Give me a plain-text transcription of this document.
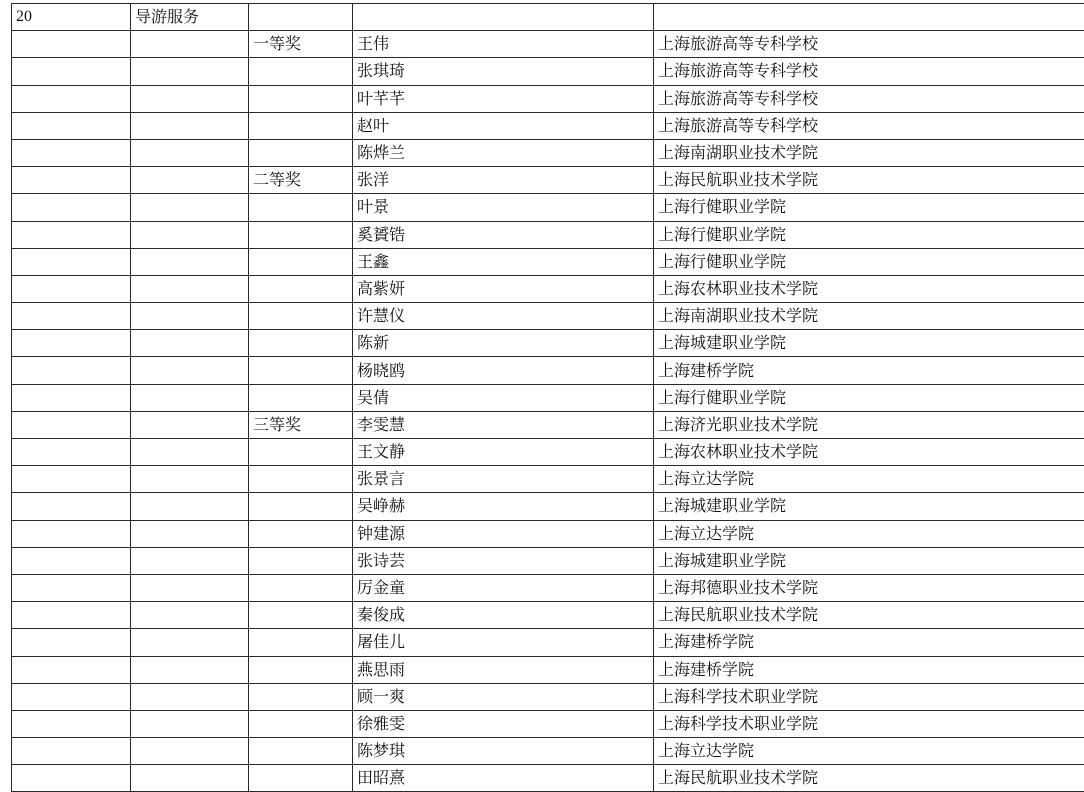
20	导游服务				
		一等奖	王伟	上海旅游高等专科学校	
			张琪琦	上海旅游高等专科学校	
			叶芊芊	上海旅游高等专科学校	
			赵叶	上海旅游高等专科学校	
			陈烨兰	上海南湖职业技术学院	
		二等奖	张洋	上海民航职业技术学院	
			叶景	上海行健职业学院	
			奚贇锆	上海行健职业学院	
			王鑫	上海行健职业学院	
			高紫妍	上海农林职业技术学院	
			许慧仪	上海南湖职业技术学院	
			陈新	上海城建职业学院	
			杨晓鸥	上海建桥学院	
			吴倩	上海行健职业学院	
		三等奖	李雯慧	上海济光职业技术学院	
			王文静	上海农林职业技术学院	
			张景言	上海立达学院	
			吴峥赫	上海城建职业学院	
			钟建源	上海立达学院	
			张诗芸	上海城建职业学院	
			厉金童	上海邦德职业技术学院	
			秦俊成	上海民航职业技术学院	
			屠佳儿	上海建桥学院	
			燕思雨	上海建桥学院	
			顾一爽	上海科学技术职业学院	
			徐雅雯	上海科学技术职业学院	
			陈梦琪	上海立达学院	
			田昭熹	上海民航职业技术学院	
